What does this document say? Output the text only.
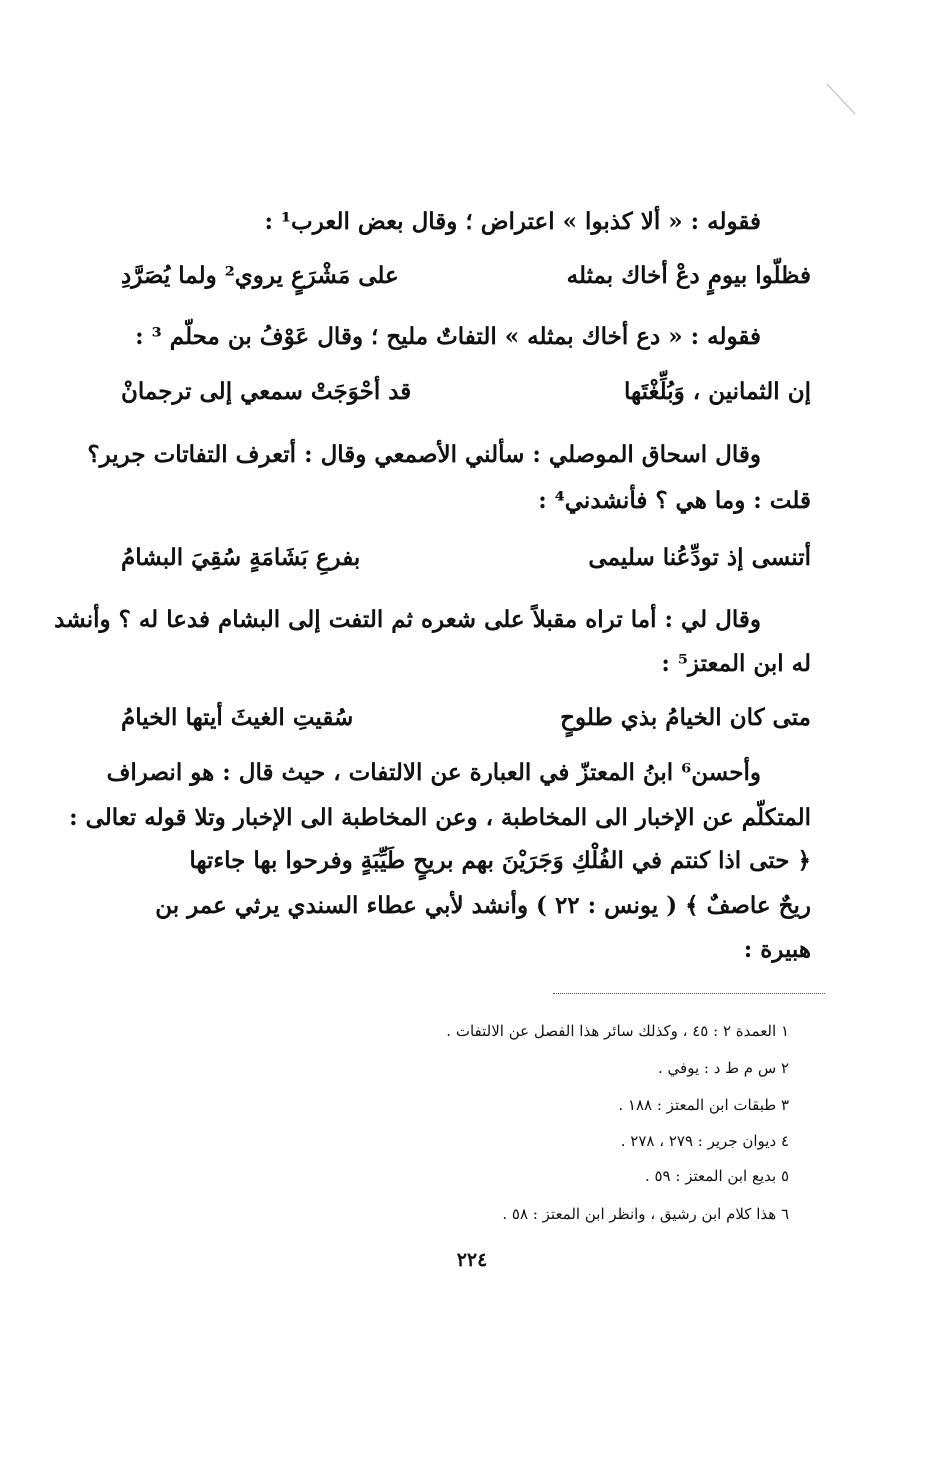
فقوله : « ألا كذبوا » اعتراض ؛ وقال بعض العرب¹ :
فظلّوا بيومٍ دعْ أخاك بمثله
على مَشْرَعٍ يروي² ولما يُصَرَّدِ
فقوله : « دع أخاك بمثله » التفاتٌ مليح ؛ وقال عَوْفُ بن محلّم ³ :
إن الثمانين ، وَبُلِّغْتَها
قد أحْوَجَتْ سمعي إلى ترجمانْ
وقال اسحاق الموصلي : سألني الأصمعي وقال : أتعرف التفاتات جرير؟
قلت : وما هي ؟ فأنشدني⁴ :
أتنسى إذ تودِّعُنا سليمى
بفرعِ بَشَامَةٍ سُقِيَ البشامُ
وقال لي : أما تراه مقبلاً على شعره ثم التفت إلى البشام فدعا له ؟ وأنشد
له ابن المعتز⁵ :
متى كان الخيامُ بذي طلوحٍ
سُقيتِ الغيثَ أيتها الخيامُ
وأحسن⁶ ابنُ المعتزّ في العبارة عن الالتفات ، حيث قال : هو انصراف
المتكلّم عن الإخبار الى المخاطبة ، وعن المخاطبة الى الإخبار وتلا قوله تعالى :
﴿ حتى اذا كنتم في الفُلْكِ وَجَرَيْنَ بهم بريحٍ طَيِّبَةٍ وفرحوا بها جاءتها
ريحٌ عاصفٌ ﴾ ( يونس : ٢٢ ) وأنشد لأبي عطاء السندي يرثي عمر بن
هبيرة :
١ العمدة ٢ : ٤٥ ، وكذلك سائر هذا الفصل عن الالتفات .
٢ س م ط د : يوفي .
٣ طبقات ابن المعتز : ١٨٨ .
٤ ديوان جرير : ٢٧٩ ، ٢٧٨ .
٥ بديع ابن المعتز : ٥٩ .
٦ هذا كلام ابن رشيق ، وانظر ابن المعتز : ٥٨ .
٢٢٤
